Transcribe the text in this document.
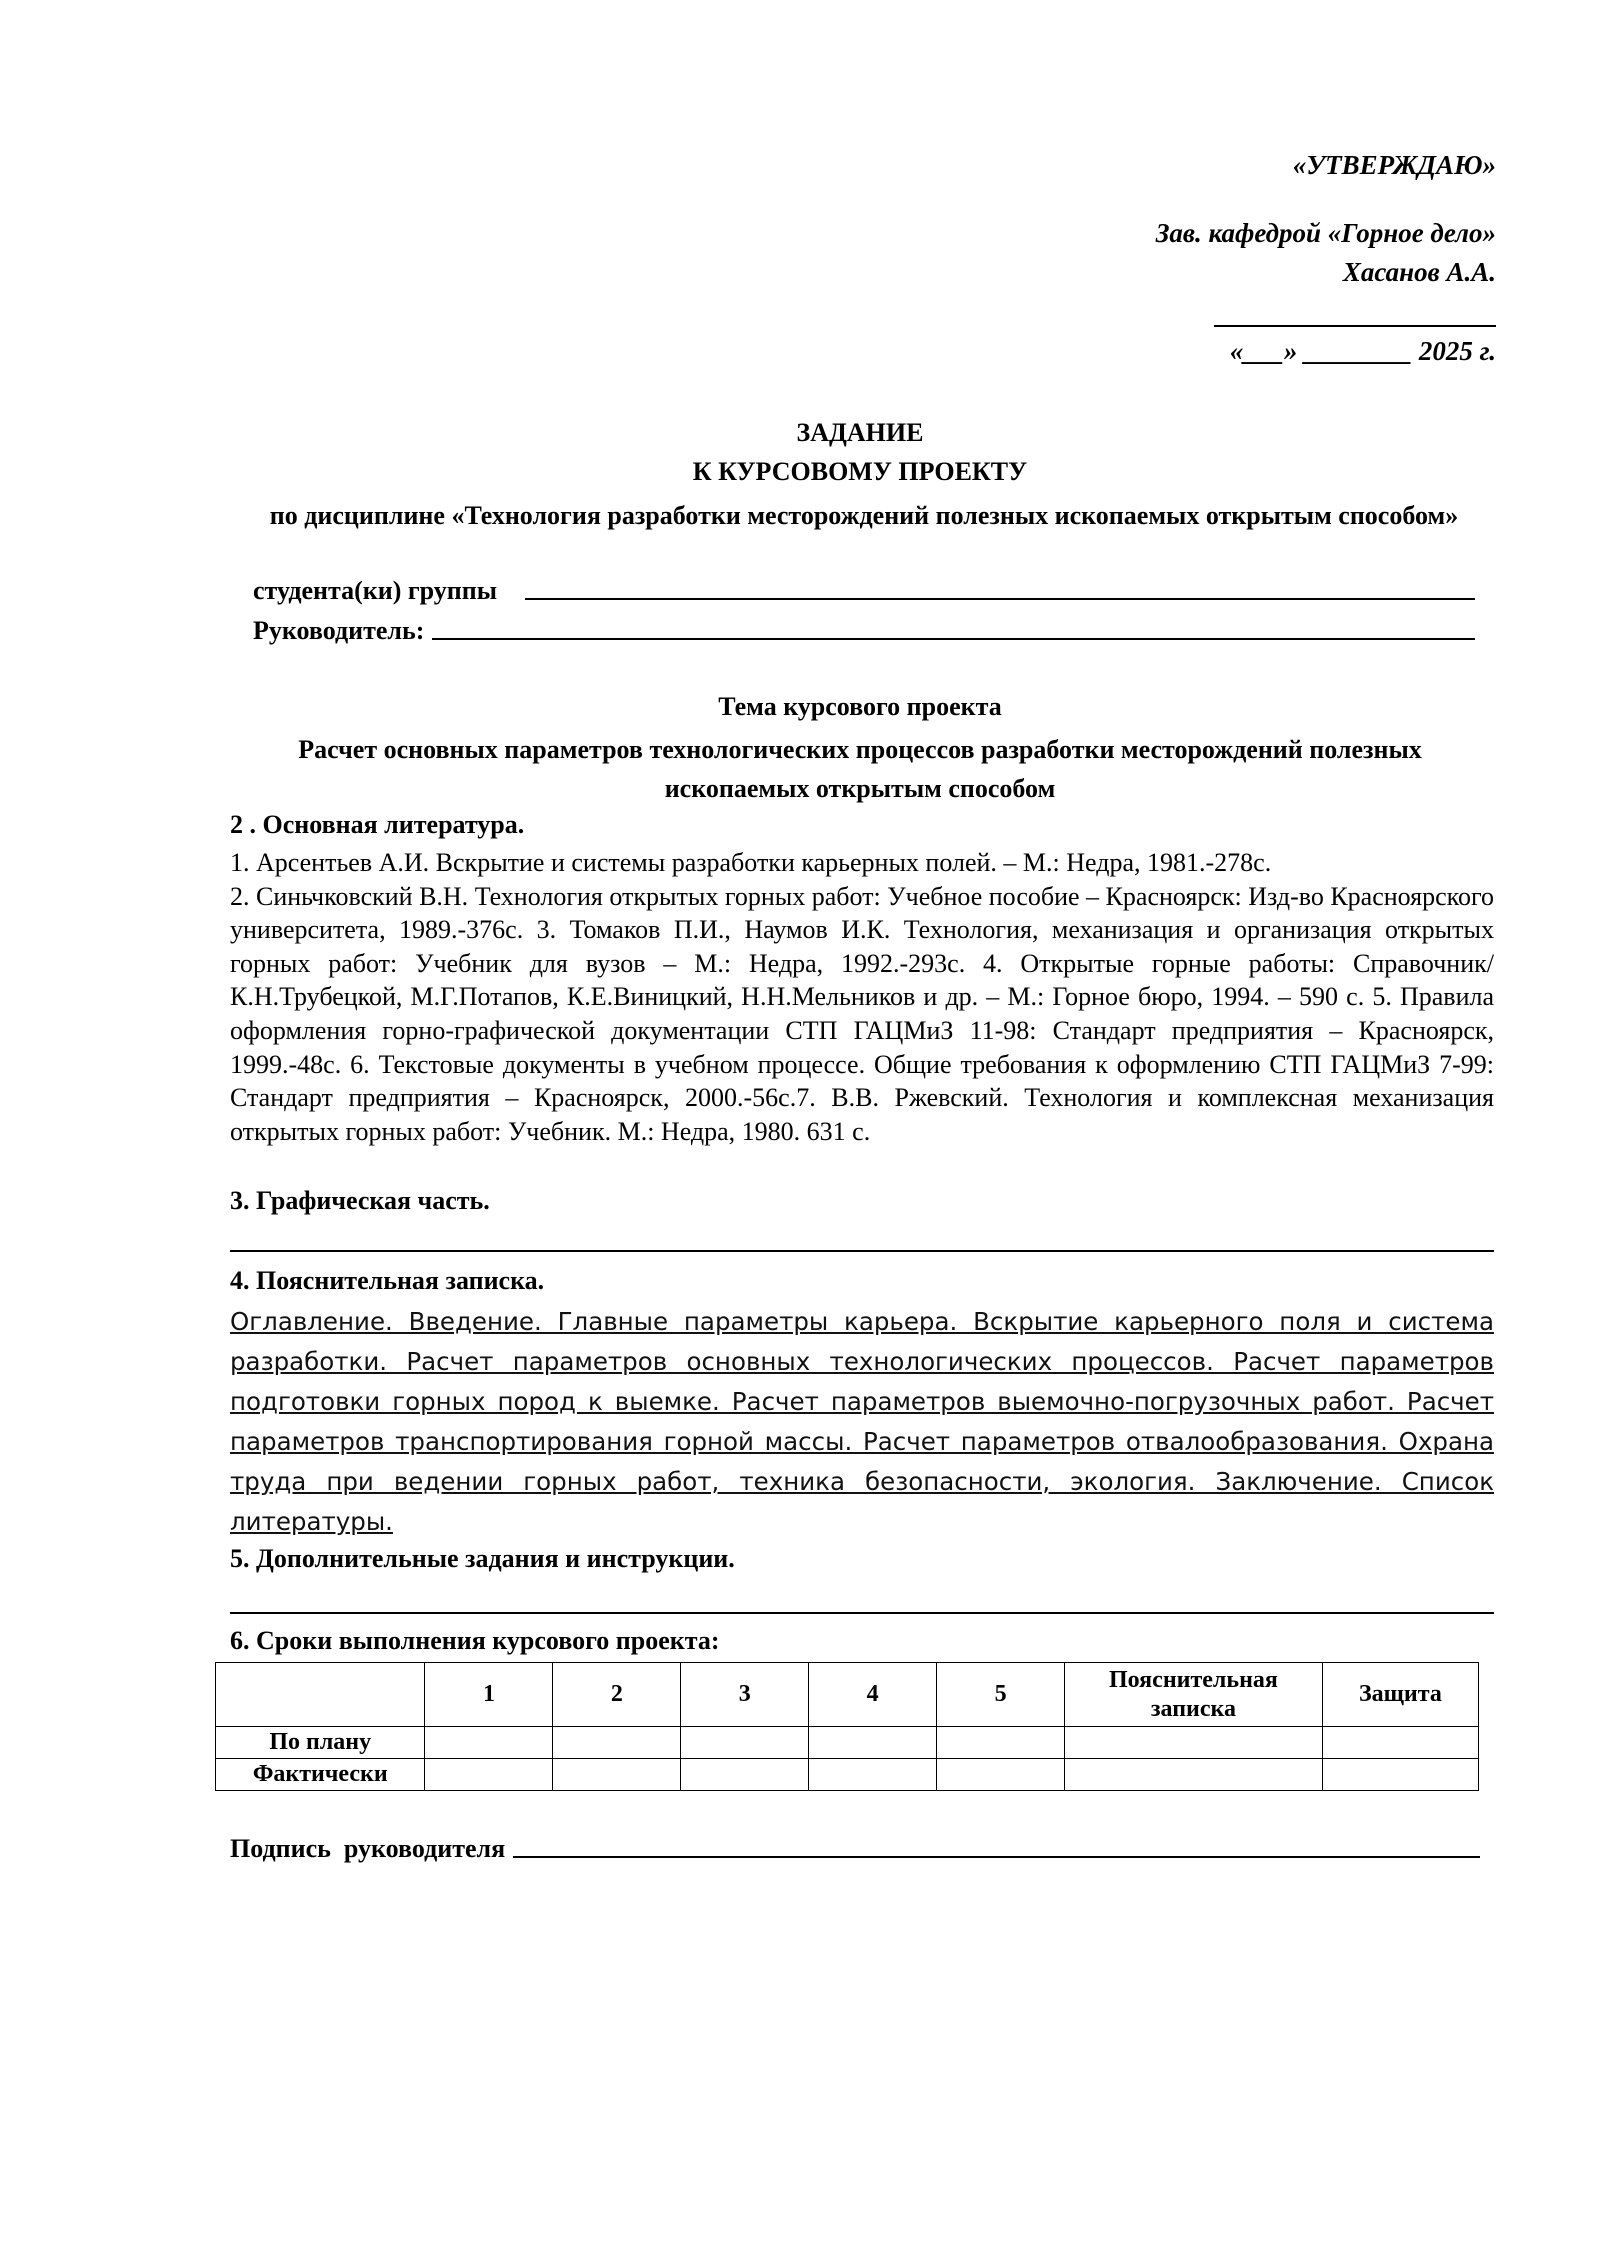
«УТВЕРЖДАЮ»
Зав. кафедрой «Горное дело»
Хасанов А.А.
«___» ________ 2025 г.
ЗАДАНИЕ
К КУРСОВОМУ ПРОЕКТУ
по дисциплине «Технология разработки месторождений полезных ископаемых открытым способом»
студента(ки) группы
Руководитель:
Тема курсового проекта
Расчет основных параметров технологических процессов разработки месторождений полезных ископаемых открытым способом
2 . Основная литература.

1. Арсентьев А.И. Вскрытие и системы разработки карьерных полей. – М.: Недра, 1981.-278с.

2. Синьчковский В.Н. Технология открытых горных работ: Учебное пособие – Красноярск: Изд-во Красноярского университета, 1989.-376с. 3. Томаков П.И., Наумов И.К. Технология, механизация и организация открытых горных работ: Учебник для вузов – М.: Недра, 1992.-293с. 4. Открытые горные работы: Справочник/К.Н.Трубецкой, М.Г.Потапов, К.Е.Виницкий, Н.Н.Мельников и др. – М.: Горное бюро, 1994. – 590 с. 5. Правила оформления горно-графической документации СТП ГАЦМиЗ 11-98: Стандарт предприятия – Красноярск, 1999.-48с. 6. Текстовые документы в учебном процессе. Общие требования к оформлению СТП ГАЦМиЗ 7-99: Стандарт предприятия – Красноярск, 2000.-56с.7. В.В. Ржевский. Технология и комплексная механизация открытых горных работ: Учебник. М.: Недра, 1980. 631 с.

3. Графическая часть.
4. Пояснительная записка.
Оглавление. Введение. Главные параметры карьера. Вскрытие карьерного поля и система разработки. Расчет параметров основных технологических процессов. Расчет параметров подготовки горных пород к выемке. Расчет параметров выемочно-погрузочных работ. Расчет параметров транспортирования горной массы. Расчет параметров отвалообразования. Охрана труда при ведении горных работ, техника безопасности, экология. Заключение. Список литературы.
5. Дополнительные задания и инструкции.
6. Сроки выполнения курсового проекта:
	1	2	3	4	5	Пояснительная записка	Защита
По плану							
Фактически							
Подпись  руководителя
